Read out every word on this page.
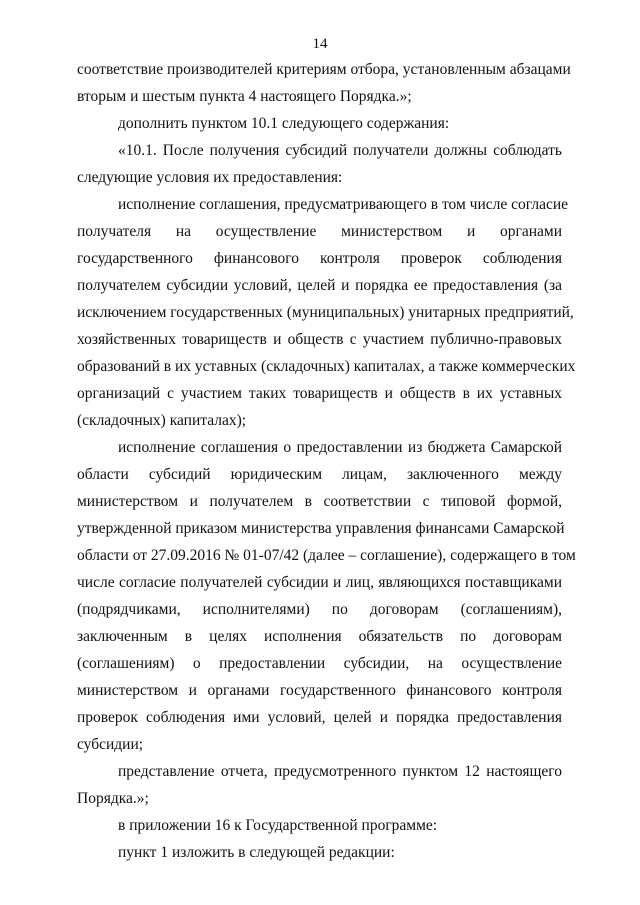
14
соответствие производителей критериям отбора, установленным абзацами
вторым и шестым пункта 4 настоящего Порядка.»;
дополнить пунктом 10.1 следующего содержания:
«10.1. После получения субсидий получатели должны соблюдать
следующие условия их предоставления:
исполнение соглашения, предусматривающего в том числе согласие
получателя на осуществление министерством и органами
государственного финансового контроля проверок соблюдения
получателем субсидии условий, целей и порядка ее предоставления (за
исключением государственных (муниципальных) унитарных предприятий,
хозяйственных товариществ и обществ с участием публично-правовых
образований в их уставных (складочных) капиталах, а также коммерческих
организаций с участием таких товариществ и обществ в их уставных
(складочных) капиталах);
исполнение соглашения о предоставлении из бюджета Самарской
области субсидий юридическим лицам, заключенного между
министерством и получателем в соответствии с типовой формой,
утвержденной приказом министерства управления финансами Самарской
области от 27.09.2016 № 01-07/42 (далее – соглашение), содержащего в том
числе согласие получателей субсидии и лиц, являющихся поставщиками
(подрядчиками, исполнителями) по договорам (соглашениям),
заключенным в целях исполнения обязательств по договорам
(соглашениям) о предоставлении субсидии, на осуществление
министерством и органами государственного финансового контроля
проверок соблюдения ими условий, целей и порядка предоставления
субсидии;
представление отчета, предусмотренного пунктом 12 настоящего
Порядка.»;
в приложении 16 к Государственной программе:
пункт 1 изложить в следующей редакции:
